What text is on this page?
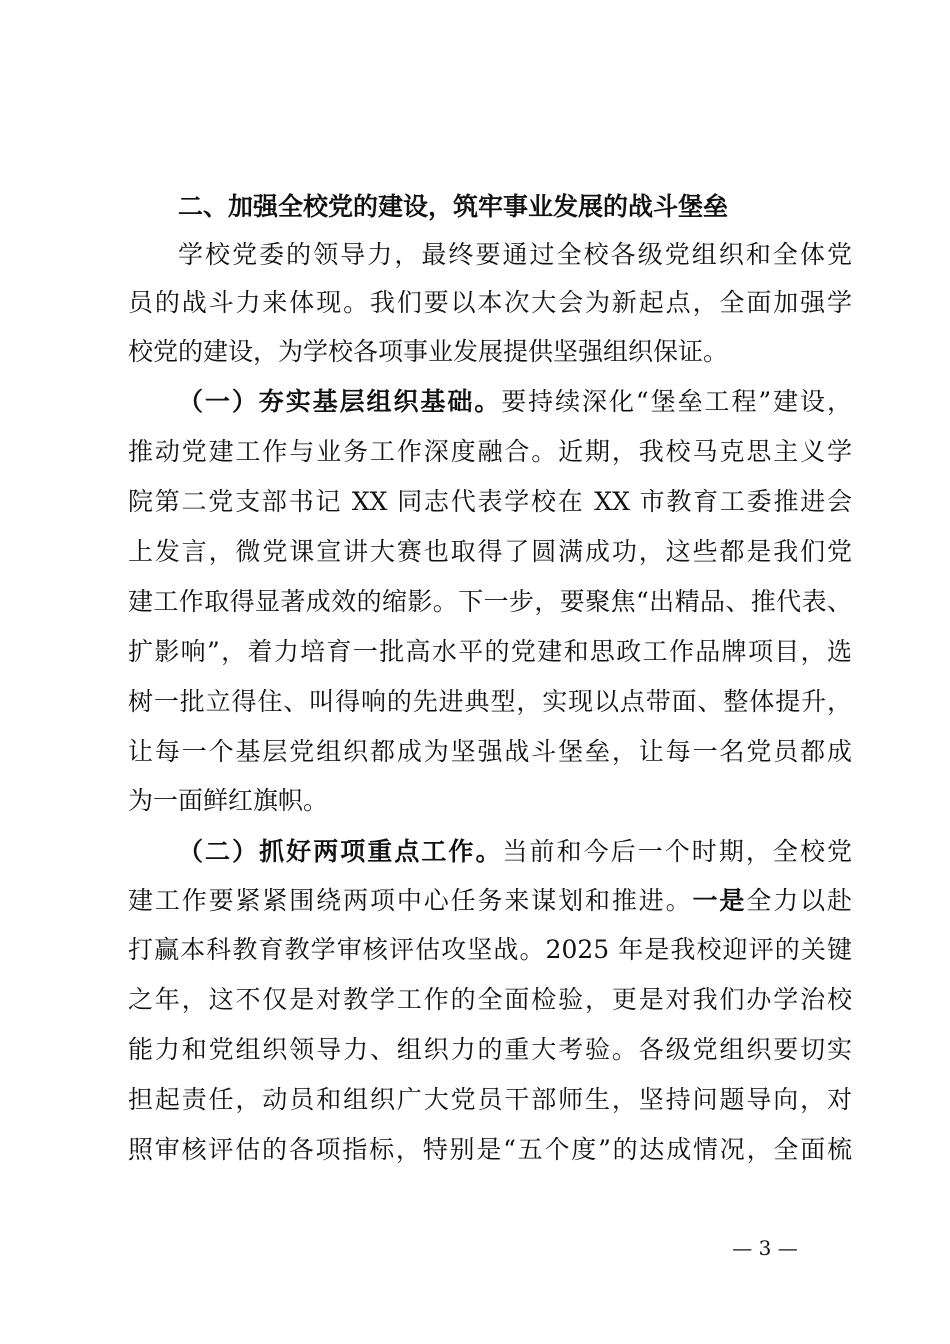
二、加强全校党的建设，筑牢事业发展的战斗堡垒
学校党委的领导力，最终要通过全校各级党组织和全体党
员的战斗力来体现。我们要以本次大会为新起点，全面加强学
校党的建设，为学校各项事业发展提供坚强组织保证。
（一）夯实基层组织基础。要持续深化“堡垒工程”建设，
推动党建工作与业务工作深度融合。近期，我校马克思主义学
院第二党支部书记 XX 同志代表学校在 XX 市教育工委推进会
上发言，微党课宣讲大赛也取得了圆满成功，这些都是我们党
建工作取得显著成效的缩影。下一步，要聚焦“出精品、推代表、
扩影响”，着力培育一批高水平的党建和思政工作品牌项目，选
树一批立得住、叫得响的先进典型，实现以点带面、整体提升，
让每一个基层党组织都成为坚强战斗堡垒，让每一名党员都成
为一面鲜红旗帜。
（二）抓好两项重点工作。当前和今后一个时期，全校党
建工作要紧紧围绕两项中心任务来谋划和推进。一是全力以赴
打赢本科教育教学审核评估攻坚战。2025 年是我校迎评的关键
之年，这不仅是对教学工作的全面检验，更是对我们办学治校
能力和党组织领导力、组织力的重大考验。各级党组织要切实
担起责任，动员和组织广大党员干部师生，坚持问题导向，对
照审核评估的各项指标，特别是“五个度”的达成情况，全面梳
— 3 —
